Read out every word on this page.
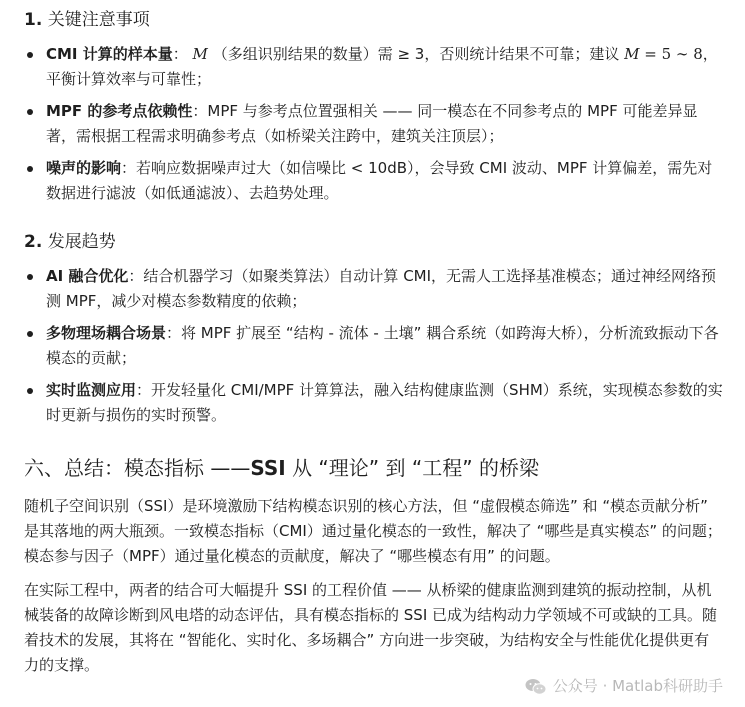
1. 关键注意事项
CMI 计算的样本量： M （多组识别结果的数量）需 ≥ 3，否则统计结果不可靠；建议 M = 5 ∼ 8，平衡计算效率与可靠性；
MPF 的参考点依赖性：MPF 与参考点位置强相关 —— 同一模态在不同参考点的 MPF 可能差异显著，需根据工程需求明确参考点（如桥梁关注跨中，建筑关注顶层）；
噪声的影响：若响应数据噪声过大（如信噪比 < 10dB），会导致 CMI 波动、MPF 计算偏差，需先对数据进行滤波（如低通滤波）、去趋势处理。
2. 发展趋势
AI 融合优化：结合机器学习（如聚类算法）自动计算 CMI，无需人工选择基准模态；通过神经网络预测 MPF，减少对模态参数精度的依赖；
多物理场耦合场景：将 MPF 扩展至 “结构 - 流体 - 土壤” 耦合系统（如跨海大桥），分析流致振动下各模态的贡献；
实时监测应用：开发轻量化 CMI/MPF 计算算法，融入结构健康监测（SHM）系统，实现模态参数的实时更新与损伤的实时预警。
六、总结：模态指标 ——SSI 从 “理论” 到 “工程” 的桥梁

随机子空间识别（SSI）是环境激励下结构模态识别的核心方法，但 “虚假模态筛选” 和 “模态贡献分析” 是其落地的两大瓶颈。一致模态指标（CMI）通过量化模态的一致性，解决了 “哪些是真实模态” 的问题；模态参与因子（MPF）通过量化模态的贡献度，解决了 “哪些模态有用” 的问题。

在实际工程中，两者的结合可大幅提升 SSI 的工程价值 —— 从桥梁的健康监测到建筑的振动控制，从机械装备的故障诊断到风电塔的动态评估，具有模态指标的 SSI 已成为结构动力学领域不可或缺的工具。随着技术的发展，其将在 “智能化、实时化、多场耦合” 方向进一步突破，为结构安全与性能优化提供更有力的支撑。

公众号 · Matlab科研助手
